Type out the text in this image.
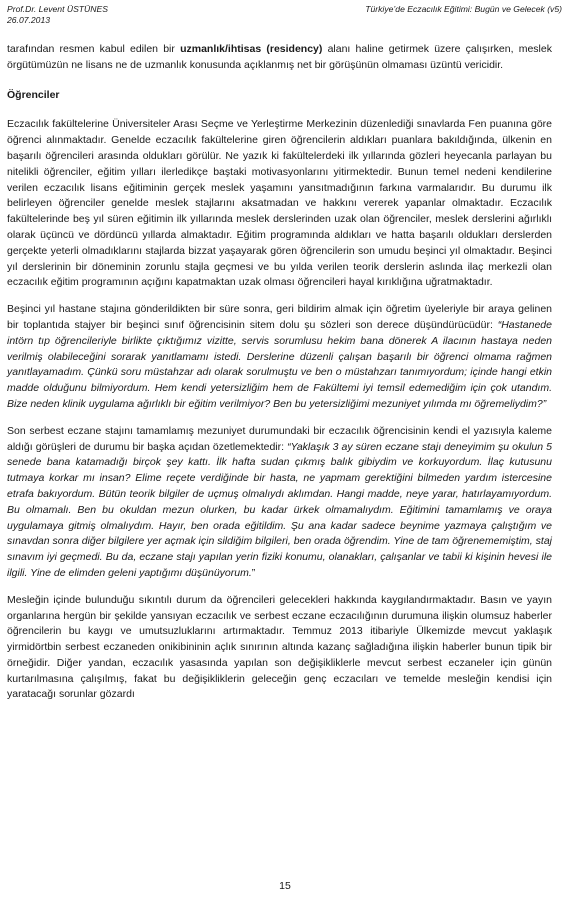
Prof.Dr. Levent ÜSTÜNES
26.07.2013
Türkiye’de Eczacılık Eğitimi: Bugün ve Gelecek (v5)

tarafından resmen kabul edilen bir uzmanlık/ihtisas (residency) alanı haline getirmek üzere çalışırken, meslek örgütümüzün ne lisans ne de uzmanlık konusunda açıklanmış net bir görüşünün olmaması üzüntü vericidir.

Öğrenciler

Eczacılık fakültelerine Üniversiteler Arası Seçme ve Yerleştirme Merkezinin düzenlediği sınavlarda Fen puanına göre öğrenci alınmaktadır. Genelde eczacılık fakültelerine giren öğrencilerin aldıkları puanlara bakıldığında, ülkenin en başarılı öğrencileri arasında oldukları görülür. Ne yazık ki fakültelerdeki ilk yıllarında gözleri heyecanla parlayan bu nitelikli öğrenciler, eğitim yılları ilerledikçe baştaki motivasyonlarını yitirmektedir. Bunun temel nedeni kendilerine verilen eczacılık lisans eğitiminin gerçek meslek yaşamını yansıtmadığının farkına varmalarıdır. Bu durumu ilk belirleyen öğrenciler genelde meslek stajlarını aksatmadan ve hakkını vererek yapanlar olmaktadır. Eczacılık fakültelerinde beş yıl süren eğitimin ilk yıllarında meslek derslerinden uzak olan öğrenciler, meslek derslerini ağırlıklı olarak üçüncü ve dördüncü yıllarda almaktadır. Eğitim programında aldıkları ve hatta başarılı oldukları derslerden gerçekte yeterli olmadıklarını stajlarda bizzat yaşayarak gören öğrencilerin son umudu beşinci yıl olmaktadır. Beşinci yıl derslerinin bir döneminin zorunlu stajla geçmesi ve bu yılda verilen teorik derslerin aslında ilaç merkezli olan eczacılık eğitim programının açığını kapatmaktan uzak olması öğrencileri hayal kırıklığına uğratmaktadır.

Beşinci yıl hastane stajına gönderildikten bir süre sonra, geri bildirim almak için öğretim üyeleriyle bir araya gelinen bir toplantıda stajyer bir beşinci sınıf öğrencisinin sitem dolu şu sözleri son derece düşündürücüdür: “Hastanede intörn tıp öğrencileriyle birlikte çıktığımız vizitte, servis sorumlusu hekim bana dönerek A ilacının hastaya neden verilmiş olabileceğini sorarak yanıtlamamı istedi. Derslerine düzenli çalışan başarılı bir öğrenci olmama rağmen yanıtlayamadım. Çünkü soru müstahzar adı olarak sorulmuştu ve ben o müstahzarı tanımıyordum; içinde hangi etkin madde olduğunu bilmiyordum. Hem kendi yetersizliğim hem de Fakültemi iyi temsil edemediğim için çok utandım. Bize neden klinik uygulama ağırlıklı bir eğitim verilmiyor? Ben bu yetersizliğimi mezuniyet yılımda mı öğremeliydim?”

Son serbest eczane stajını tamamlamış mezuniyet durumundaki bir eczacılık öğrencisinin kendi el yazısıyla kaleme aldığı görüşleri de durumu bir başka açıdan özetlemektedir: “Yaklaşık 3 ay süren eczane stajı deneyimim şu okulun 5 senede bana katamadığı birçok şey kattı. İlk hafta sudan çıkmış balık gibiydim ve korkuyordum. İlaç kutusunu tutmaya korkar mı insan? Elime reçete verdiğinde bir hasta, ne yapmam gerektiğini bilmeden yardım istercesine etrafa bakıyordum. Bütün teorik bilgiler de uçmuş olmalıydı aklımdan. Hangi madde, neye yarar, hatırlayamıyordum. Bu olmamalı. Ben bu okuldan mezun olurken, bu kadar ürkek olmamalıydım. Eğitimini tamamlamış ve oraya uygulamaya gitmiş olmalıydım. Hayır, ben orada eğitildim. Şu ana kadar sadece beynime yazmaya çalıştığım ve sınavdan sonra diğer bilgilere yer açmak için sildiğim bilgileri, ben orada öğrendim. Yine de tam öğrenememiştim, staj sınavım iyi geçmedi. Bu da, eczane stajı yapılan yerin fiziki konumu, olanakları, çalışanlar ve tabii ki kişinin hevesi ile ilgili. Yine de elimden geleni yaptığımı düşünüyorum.”

Mesleğin içinde bulunduğu sıkıntılı durum da öğrencileri gelecekleri hakkında kaygılandırmaktadır. Basın ve yayın organlarına hergün bir şekilde yansıyan eczacılık ve serbest eczane eczacılığının durumuna ilişkin olumsuz haberler öğrencilerin bu kaygı ve umutsuzluklarını artırmaktadır. Temmuz 2013 itibariyle Ülkemizde mevcut yaklaşık yirmidörtbin serbest eczaneden onikibininin açlık sınırının altında kazanç sağladığına ilişkin haberler bunun tipik bir örneğidir. Diğer yandan, eczacılık yasasında yapılan son değişikliklerle mevcut serbest eczaneler için günün kurtarılmasına çalışılmış, fakat bu değişikliklerin geleceğin genç eczacıları ve temelde mesleğin kendisi için yaratacağı sorunlar gözardı

15
